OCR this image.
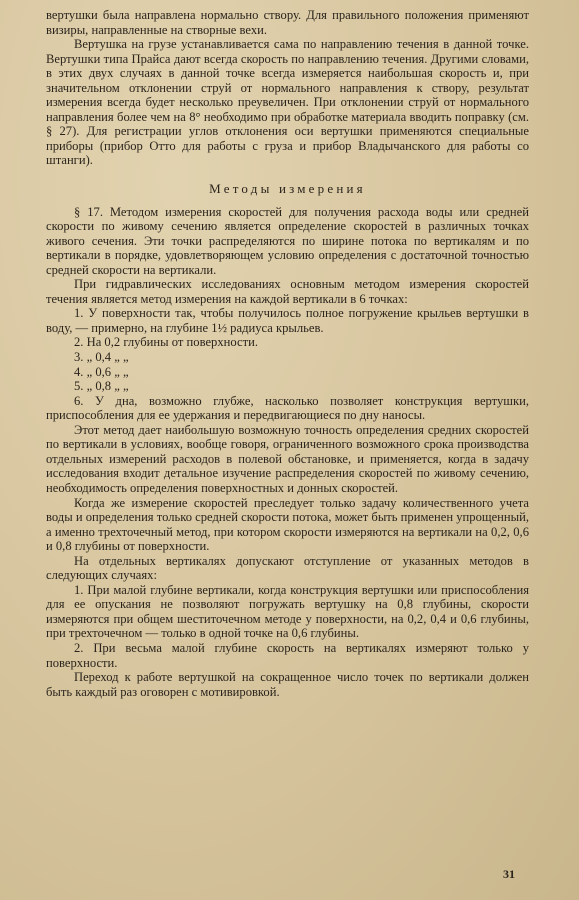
вертушки была направлена нормально створу. Для правильного положения применяют визиры, направленные на створные вехи.

Вертушка на грузе устанавливается сама по направлению течения в данной точке. Вертушки типа Прайса дают всегда скорость по направлению течения. Другими словами, в этих двух случаях в данной точке всегда измеряется наибольшая скорость и, при значительном отклонении струй от нормального направления к створу, результат измерения всегда будет несколько преувеличен. При отклонении струй от нормального направления более чем на 8° необходимо при обработке материала вводить поправку (см. § 27). Для регистрации углов отклонения оси вертушки применяются специальные приборы (прибор Отто для работы с груза и прибор Владычанского для работы со штанги).

Методы измерения

§ 17. Методом измерения скоростей для получения расхода воды или средней скорости по живому сечению является определение скоростей в различных точках живого сечения. Эти точки распределяются по ширине потока по вертикалям и по вертикали в порядке, удовлетворяющем условию определения с достаточной точностью средней скорости на вертикали.

При гидравлических исследованиях основным методом измерения скоростей течения является метод измерения на каждой вертикали в 6 точках:

1. У поверхности так, чтобы получилось полное погружение крыльев вертушки в воду, — примерно, на глубине 1½ радиуса крыльев.

2. На 0,2 глубины от поверхности.

3. „ 0,4 „ „

4. „ 0,6 „ „

5. „ 0,8 „ „

6. У дна, возможно глубже, насколько позволяет конструкция вертушки, приспособления для ее удержания и передвигающиеся по дну наносы.

Этот метод дает наибольшую возможную точность определения средних скоростей по вертикали в условиях, вообще говоря, ограниченного возможного срока производства отдельных измерений расходов в полевой обстановке, и применяется, когда в задачу исследования входит детальное изучение распределения скоростей по живому сечению, необходимость определения поверхностных и донных скоростей.

Когда же измерение скоростей преследует только задачу количественного учета воды и определения только средней скорости потока, может быть применен упрощенный, а именно трехточечный метод, при котором скорости измеряются на вертикали на 0,2, 0,6 и 0,8 глубины от поверхности.

На отдельных вертикалях допускают отступление от указанных методов в следующих случаях:

1. При малой глубине вертикали, когда конструкция вертушки или приспособления для ее опускания не позволяют погружать вертушку на 0,8 глубины, скорости измеряются при общем шеститочечном методе у поверхности, на 0,2, 0,4 и 0,6 глубины, при трехточечном — только в одной точке на 0,6 глубины.

2. При весьма малой глубине скорость на вертикалях измеряют только у поверхности.

Переход к работе вертушкой на сокращенное число точек по вертикали должен быть каждый раз оговорен с мотивировкой.

31
